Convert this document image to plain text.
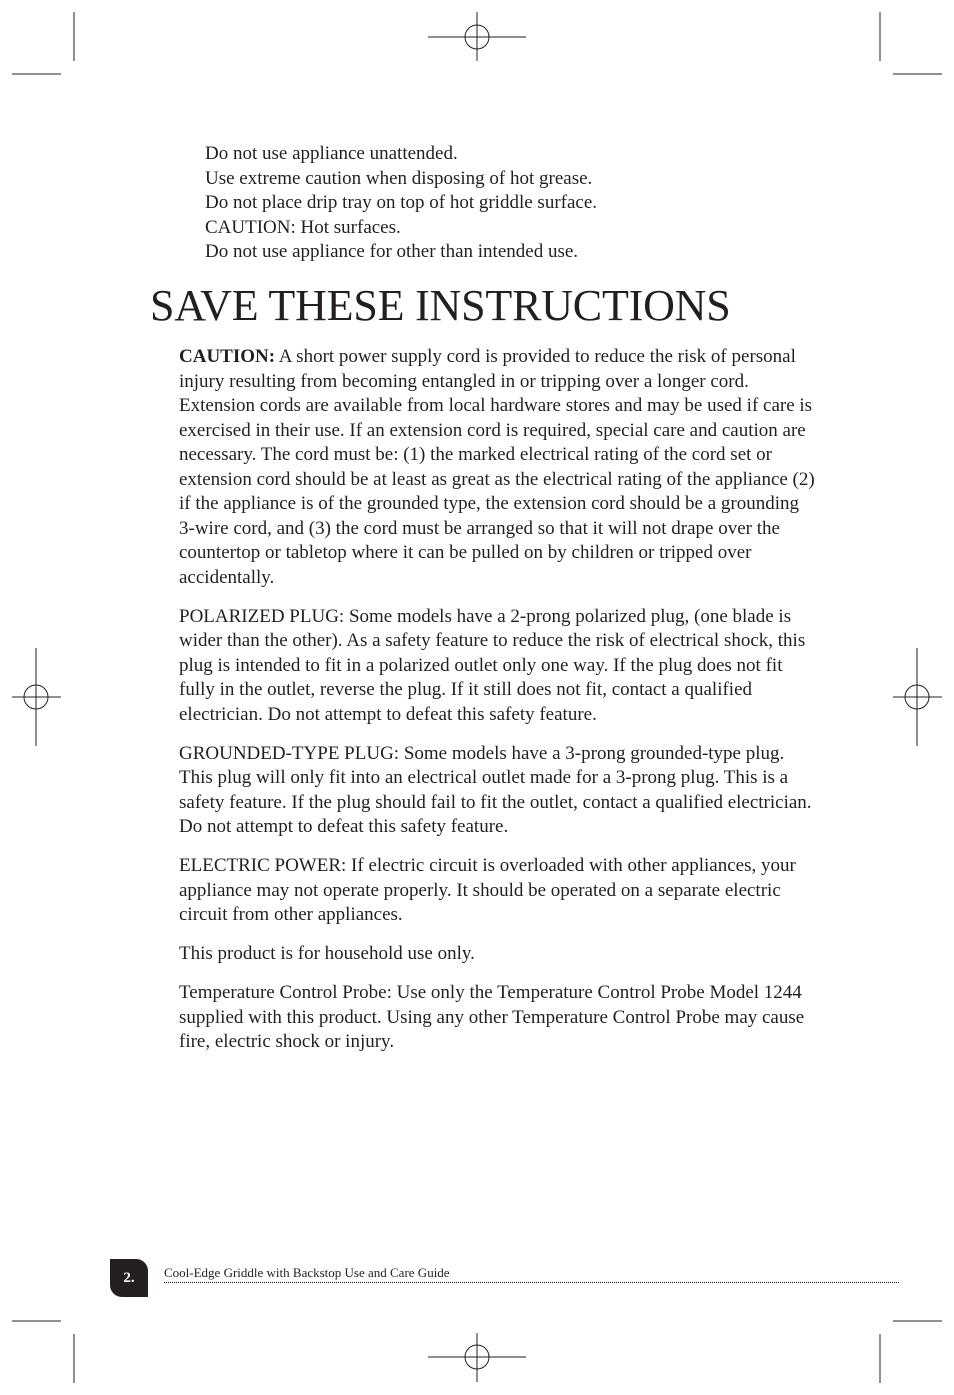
Do not use appliance unattended.
Use extreme caution when disposing of hot grease.
Do not place drip tray on top of hot griddle surface.
CAUTION: Hot surfaces.
Do not use appliance for other than intended use.
SAVE THESE INSTRUCTIONS

CAUTION: A short power supply cord is provided to reduce the risk of personal injury resulting from becoming entangled in or tripping over a longer cord. Extension cords are available from local hardware stores and may be used if care is exercised in their use. If an extension cord is required, special care and caution are necessary. The cord must be: (1) the marked electrical rating of the cord set or extension cord should be at least as great as the electrical rating of the appliance (2) if the appliance is of the grounded type, the extension cord should be a grounding 3-wire cord, and (3) the cord must be arranged so that it will not drape over the countertop or tabletop where it can be pulled on by children or tripped over accidentally.

POLARIZED PLUG: Some models have a 2-prong polarized plug, (one blade is wider than the other). As a safety feature to reduce the risk of electrical shock, this plug is intended to fit in a polarized outlet only one way. If the plug does not fit fully in the outlet, reverse the plug. If it still does not fit, contact a qualified electrician. Do not attempt to defeat this safety feature.

GROUNDED-TYPE PLUG: Some models have a 3-prong grounded-type plug. This plug will only fit into an electrical outlet made for a 3-prong plug. This is a safety feature. If the plug should fail to fit the outlet, contact a qualified electrician. Do not attempt to defeat this safety feature.

ELECTRIC POWER: If electric circuit is overloaded with other appliances, your appliance may not operate properly. It should be operated on a separate electric circuit from other appliances.

This product is for household use only.

Temperature Control Probe: Use only the Temperature Control Probe Model 1244 supplied with this product. Using any other Temperature Control Probe may cause fire, electric shock or injury.

2.	Cool-Edge Griddle with Backstop Use and Care Guide
